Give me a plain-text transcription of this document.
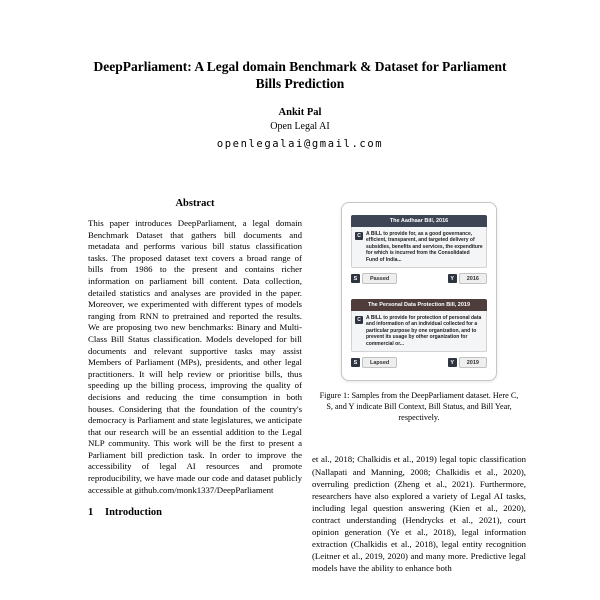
DeepParliament: A Legal domain Benchmark & Dataset for Parliament Bills Prediction
Ankit Pal
Open Legal AI
openlegalai@gmail.com
Abstract
This paper introduces DeepParliament, a legal domain Benchmark Dataset that gathers bill documents and metadata and performs various bill status classification tasks. The proposed dataset text covers a broad range of bills from 1986 to the present and contains richer information on parliament bill content. Data collection, detailed statistics and analyses are provided in the paper. Moreover, we experimented with different types of models ranging from RNN to pretrained and reported the results. We are proposing two new benchmarks: Binary and Multi-Class Bill Status classification. Models developed for bill documents and relevant supportive tasks may assist Members of Parliament (MPs), presidents, and other legal practitioners. It will help review or prioritise bills, thus speeding up the billing process, improving the quality of decisions and reducing the time consumption in both houses. Considering that the foundation of the country's democracy is Parliament and state legislatures, we anticipate that our research will be an essential addition to the Legal NLP community. This work will be the first to present a Parliament bill prediction task. In order to improve the accessibility of legal AI resources and promote reproducibility, we have made our code and dataset publicly accessible at github.com/monk1337/DeepParliament
1 Introduction
The Aadhaar Bill, 2016
C	A BILL to provide for, as a good governance, efficient, transparent, and targeted delivery of subsidies, benefits and services, the expenditure for which is incurred from the Consolidated Fund of India...
S	Passed	Y	2016
The Personal Data Protection Bill, 2019
C	A BILL to provide for protection of personal data and information of an individual collected for a particular purpose by one organization, and to prevent its usage by other organization for commercial or...
S	Lapsed	Y	2019
Figure 1: Samples from the DeepParliament dataset. Here C, S, and Y indicate Bill Context, Bill Status, and Bill Year, respectively.
et al., 2018; Chalkidis et al., 2019) legal topic classification (Nallapati and Manning, 2008; Chalkidis et al., 2020), overruling prediction (Zheng et al., 2021). Furthermore, researchers have also explored a variety of Legal AI tasks, including legal question answering (Kien et al., 2020), contract understanding (Hendrycks et al., 2021), court opinion generation (Ye et al., 2018), legal information extraction (Chalkidis et al., 2018), legal entity recognition (Leitner et al., 2019, 2020) and many more. Predictive legal models have the ability to enhance both
